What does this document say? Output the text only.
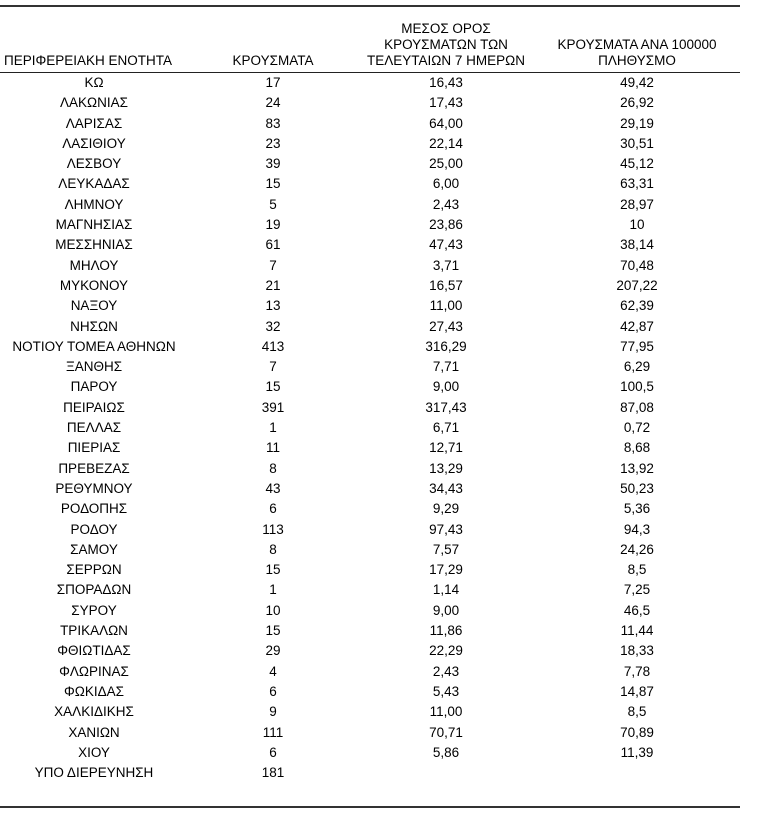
ΠΕΡΙΦΕΡΕΙΑΚΗ ΕΝΟΤΗΤΑ	ΚΡΟΥΣΜΑΤΑ	ΜΕΣΟΣ ΟΡΟΣ
ΚΡΟΥΣΜΑΤΩΝ ΤΩΝ
ΤΕΛΕΥΤΑΙΩΝ 7 ΗΜΕΡΩΝ	ΚΡΟΥΣΜΑΤΑ ΑΝΑ 100000
ΠΛΗΘΥΣΜΟ
ΚΩ	17	16,43	49,42
ΛΑΚΩΝΙΑΣ	24	17,43	26,92
ΛΑΡΙΣΑΣ	83	64,00	29,19
ΛΑΣΙΘΙΟΥ	23	22,14	30,51
ΛΕΣΒΟΥ	39	25,00	45,12
ΛΕΥΚΑΔΑΣ	15	6,00	63,31
ΛΗΜΝΟΥ	5	2,43	28,97
ΜΑΓΝΗΣΙΑΣ	19	23,86	10
ΜΕΣΣΗΝΙΑΣ	61	47,43	38,14
ΜΗΛΟΥ	7	3,71	70,48
ΜΥΚΟΝΟΥ	21	16,57	207,22
ΝΑΞΟΥ	13	11,00	62,39
ΝΗΣΩΝ	32	27,43	42,87
ΝΟΤΙΟΥ ΤΟΜΕΑ ΑΘΗΝΩΝ	413	316,29	77,95
ΞΑΝΘΗΣ	7	7,71	6,29
ΠΑΡΟΥ	15	9,00	100,5
ΠΕΙΡΑΙΩΣ	391	317,43	87,08
ΠΕΛΛΑΣ	1	6,71	0,72
ΠΙΕΡΙΑΣ	11	12,71	8,68
ΠΡΕΒΕΖΑΣ	8	13,29	13,92
ΡΕΘΥΜΝΟΥ	43	34,43	50,23
ΡΟΔΟΠΗΣ	6	9,29	5,36
ΡΟΔΟΥ	113	97,43	94,3
ΣΑΜΟΥ	8	7,57	24,26
ΣΕΡΡΩΝ	15	17,29	8,5
ΣΠΟΡΑΔΩΝ	1	1,14	7,25
ΣΥΡΟΥ	10	9,00	46,5
ΤΡΙΚΑΛΩΝ	15	11,86	11,44
ΦΘΙΩΤΙΔΑΣ	29	22,29	18,33
ΦΛΩΡΙΝΑΣ	4	2,43	7,78
ΦΩΚΙΔΑΣ	6	5,43	14,87
ΧΑΛΚΙΔΙΚΗΣ	9	11,00	8,5
ΧΑΝΙΩΝ	111	70,71	70,89
ΧΙΟΥ	6	5,86	11,39
ΥΠΟ ΔΙΕΡΕΥΝΗΣΗ	181		
